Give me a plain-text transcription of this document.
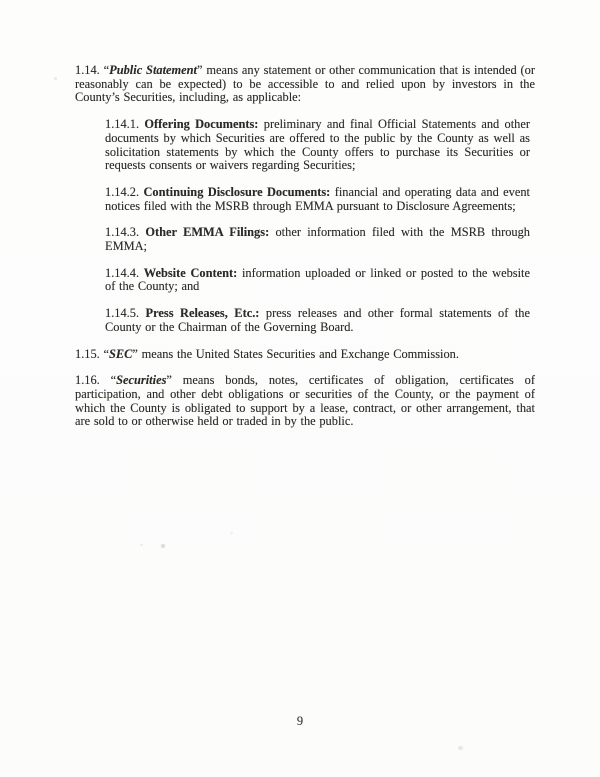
1.14. “Public Statement” means any statement or other communication that is intended (or reasonably can be expected) to be accessible to and relied upon by investors in the County’s Securities, including, as applicable:

1.14.1. Offering Documents: preliminary and final Official Statements and other documents by which Securities are offered to the public by the County as well as solicitation statements by which the County offers to purchase its Securities or requests consents or waivers regarding Securities;

1.14.2. Continuing Disclosure Documents: financial and operating data and event notices filed with the MSRB through EMMA pursuant to Disclosure Agreements;

1.14.3. Other EMMA Filings: other information filed with the MSRB through EMMA;

1.14.4. Website Content: information uploaded or linked or posted to the website of the County; and

1.14.5. Press Releases, Etc.: press releases and other formal statements of the County or the Chairman of the Governing Board.

1.15. “SEC” means the United States Securities and Exchange Commission.

1.16. “Securities” means bonds, notes, certificates of obligation, certificates of participation, and other debt obligations or securities of the County, or the payment of which the County is obligated to support by a lease, contract, or other arrangement, that are sold to or otherwise held or traded in by the public.

9
